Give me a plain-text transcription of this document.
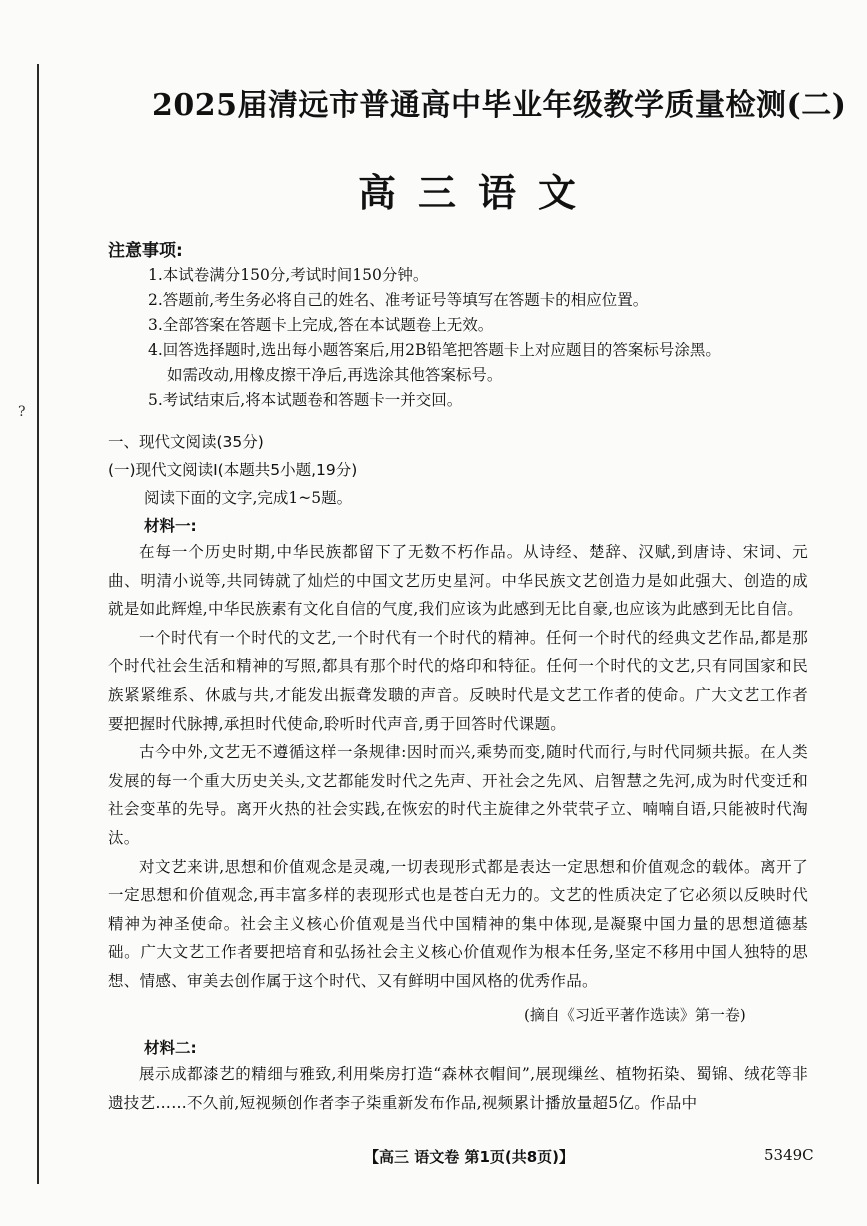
?
2025届清远市普通高中毕业年级教学质量检测(二)
高三语文
注意事项:
1.本试卷满分150分,考试时间150分钟。
2.答题前,考生务必将自己的姓名、准考证号等填写在答题卡的相应位置。
3.全部答案在答题卡上完成,答在本试题卷上无效。
4.回答选择题时,选出每小题答案后,用2B铅笔把答题卡上对应题目的答案标号涂黑。
如需改动,用橡皮擦干净后,再选涂其他答案标号。
5.考试结束后,将本试题卷和答题卡一并交回。
一、现代文阅读(35分)
(一)现代文阅读Ⅰ(本题共5小题,19分)
阅读下面的文字,完成1~5题。
材料一:

在每一个历史时期,中华民族都留下了无数不朽作品。从诗经、楚辞、汉赋,到唐诗、宋词、元曲、明清小说等,共同铸就了灿烂的中国文艺历史星河。中华民族文艺创造力是如此强大、创造的成就是如此辉煌,中华民族素有文化自信的气度,我们应该为此感到无比自豪,也应该为此感到无比自信。

一个时代有一个时代的文艺,一个时代有一个时代的精神。任何一个时代的经典文艺作品,都是那个时代社会生活和精神的写照,都具有那个时代的烙印和特征。任何一个时代的文艺,只有同国家和民族紧紧维系、休戚与共,才能发出振聋发聩的声音。反映时代是文艺工作者的使命。广大文艺工作者要把握时代脉搏,承担时代使命,聆听时代声音,勇于回答时代课题。

古今中外,文艺无不遵循这样一条规律:因时而兴,乘势而变,随时代而行,与时代同频共振。在人类发展的每一个重大历史关头,文艺都能发时代之先声、开社会之先风、启智慧之先河,成为时代变迁和社会变革的先导。离开火热的社会实践,在恢宏的时代主旋律之外茕茕孑立、喃喃自语,只能被时代淘汰。

对文艺来讲,思想和价值观念是灵魂,一切表现形式都是表达一定思想和价值观念的载体。离开了一定思想和价值观念,再丰富多样的表现形式也是苍白无力的。文艺的性质决定了它必须以反映时代精神为神圣使命。社会主义核心价值观是当代中国精神的集中体现,是凝聚中国力量的思想道德基础。广大文艺工作者要把培育和弘扬社会主义核心价值观作为根本任务,坚定不移用中国人独特的思想、情感、审美去创作属于这个时代、又有鲜明中国风格的优秀作品。

(摘自《习近平著作选读》第一卷)
材料二:

展示成都漆艺的精细与雅致,利用柴房打造“森林衣帽间”,展现缫丝、植物拓染、蜀锦、绒花等非遗技艺……不久前,短视频创作者李子柒重新发布作品,视频累计播放量超5亿。作品中

【高三 语文卷 第1页(共8页)】	5349C
